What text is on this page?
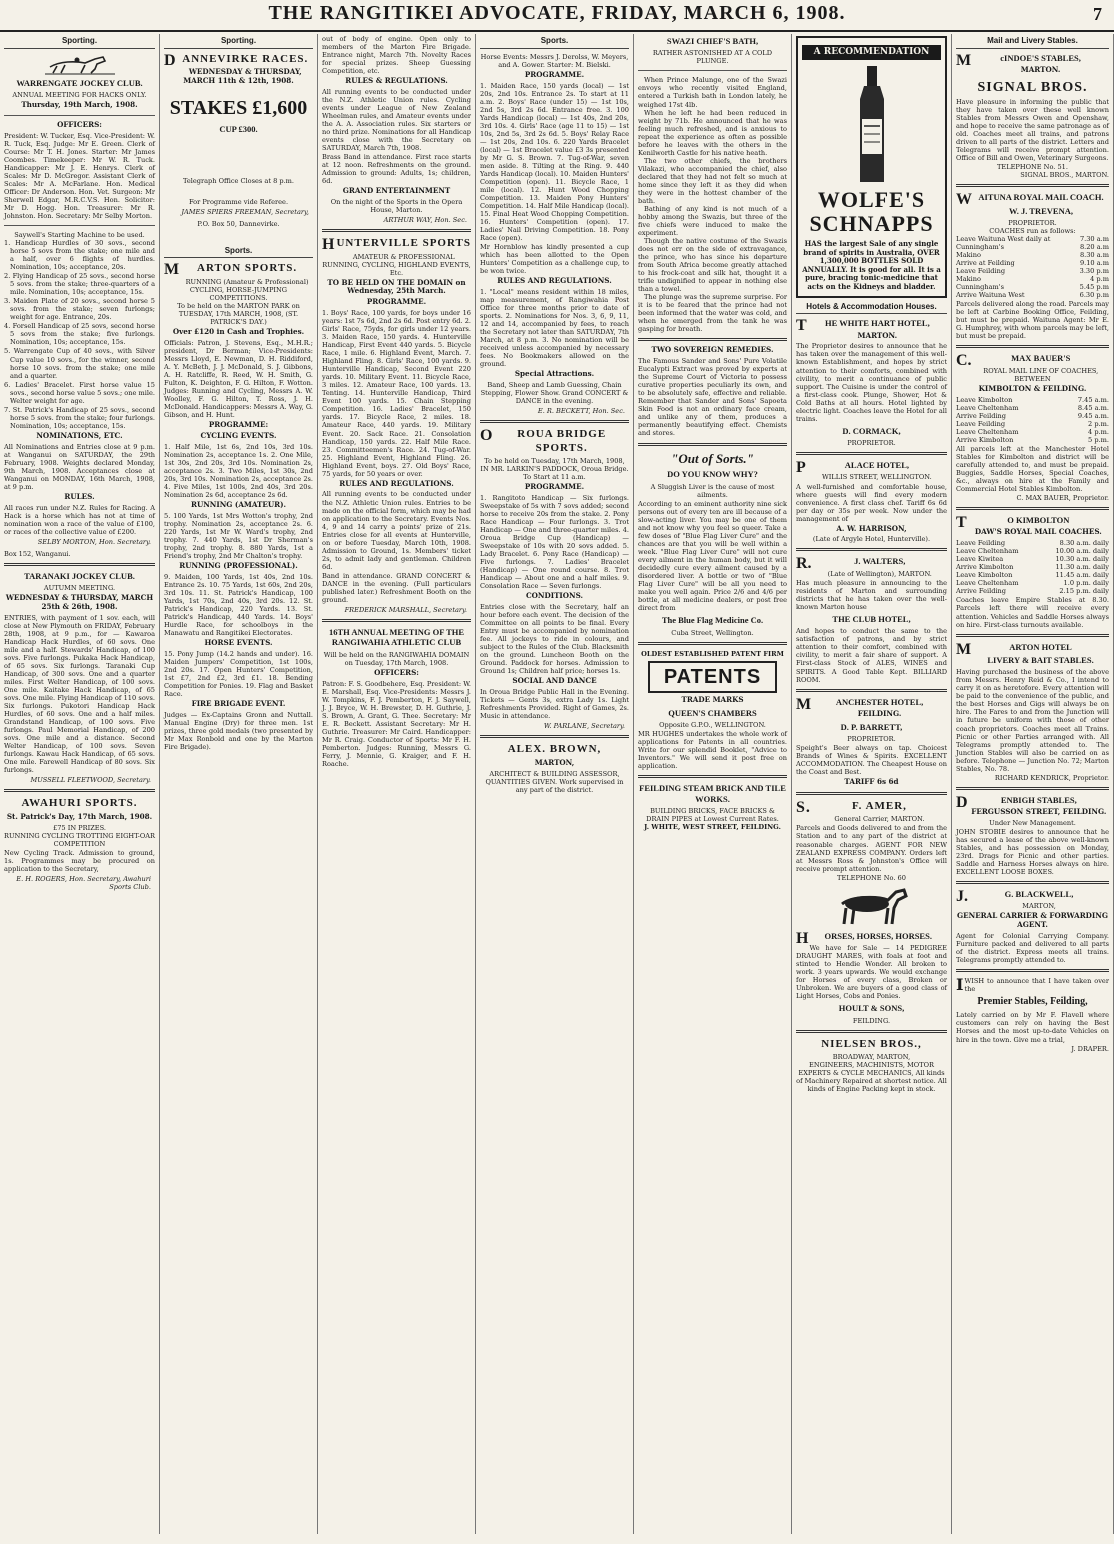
THE RANGITIKEI ADVOCATE, FRIDAY, MARCH 6, 1908.	7
Sporting.
WARRENGATE JOCKEY CLUB.
ANNUAL MEETING FOR HACKS ONLY.
Thursday, 19th March, 1908.
OFFICERS:
President: W. Tucker, Esq. Vice-President: W. R. Tuck, Esq. Judge: Mr E. Green. Clerk of Course: Mr T. H. Jones. Starter: Mr James Coombes. Timekeeper: Mr W. R. Tuck. Handicapper: Mr J. E. Henrys. Clerk of Scales: Mr D. McGregor. Assistant Clerk of Scales: Mr A. McFarlane. Hon. Medical Officer: Dr Anderson. Hon. Vet. Surgeon: Mr Sherwell Edgar, M.R.C.V.S. Hon. Solicitor: Mr D. Hogg. Hon. Treasurer: Mr R. Johnston. Hon. Secretary: Mr Selby Morton.
Saywell's Starting Machine to be used.

1. Handicap Hurdles of 30 sovs., second horse 5 sovs from the stake; one mile and a half, over 6 flights of hurdles. Nomination, 10s; acceptance, 20s.

2. Flying Handicap of 25 sovs., second horse 5 sovs. from the stake; three-quarters of a mile. Nomination, 10s; acceptance, 15s.

3. Maiden Plate of 20 sovs., second horse 5 sovs. from the stake; seven furlongs; weight for age. Entrance, 20s.

4. Forsell Handicap of 25 sovs, second horse 5 sovs from the stake; five furlongs. Nomination, 10s; acceptance, 15s.

5. Warrengate Cup of 40 sovs., with Silver Cup value 10 sovs., for the winner, second horse 10 sovs. from the stake; one mile and a quarter.

6. Ladies' Bracelet. First horse value 15 sovs., second horse value 5 sovs.; one mile. Welter weight for age.

7. St. Patrick's Handicap of 25 sovs., second horse 5 sovs. from the stake; four furlongs. Nomination, 10s; acceptance, 15s.

NOMINATIONS, ETC.
All Nominations and Entries close at 9 p.m. at Wanganui on SATURDAY, the 29th February, 1908. Weights declared Monday, 9th March, 1908. Acceptances close at Wanganui on MONDAY, 16th March, 1908, at 9 p.m.
RULES.
All races run under N.Z. Rules for Racing. A Hack is a horse which has not at time of nomination won a race of the value of £100, or races of the collective value of £200.
SELBY MORTON, Hon. Secretary.
Box 152, Wanganui.
TARANAKI JOCKEY CLUB.
AUTUMN MEETING.
WEDNESDAY & THURSDAY, MARCH 25th & 26th, 1908.
ENTRIES, with payment of 1 sov. each, will close at New Plymouth on FRIDAY, February 28th, 1908, at 9 p.m., for — Kawaroa Handicap Hack Hurdles, of 60 sovs. One mile and a half. Stewards' Handicap, of 100 sovs. Five furlongs. Pukaka Hack Handicap, of 65 sovs. Six furlongs. Taranaki Cup Handicap, of 300 sovs. One and a quarter miles. First Welter Handicap, of 100 sovs. One mile. Kaitake Hack Handicap, of 65 sovs. One mile. Flying Handicap of 110 sovs. Six furlongs. Pukotori Handicap Hack Hurdles, of 60 sovs. One and a half miles. Grandstand Handicap, of 100 sovs. Five furlongs. Paul Memorial Handicap, of 200 sovs. One mile and a distance. Second Welter Handicap, of 100 sovs. Seven furlongs. Kawau Hack Handicap, of 65 sovs. One mile. Farewell Handicap of 80 sovs. Six furlongs.
MUSSELL FLEETWOOD, Secretary.
AWAHURI SPORTS.
St. Patrick's Day, 17th March, 1908.
£75 IN PRIZES.
RUNNING CYCLING TROTTING EIGHT-OAR COMPETITION
New Cycling Track. Admission to ground, 1s. Programmes may be procured on application to the Secretary,
E. H. ROGERS, Hon. Secretary, Awahuri Sports Club.
Sporting.
DANNEVIRKE RACES.
WEDNESDAY & THURSDAY, MARCH 11th & 12th, 1908.
STAKES £1,600
CUP £300.
Telegraph Office Closes at 8 p.m.
For Programme vide Referee.
JAMES SPIERS FREEMAN, Secretary,
P.O. Box 50, Dannevirke.
Sports.
MARTON SPORTS.
RUNNING (Amateur & Professional) CYCLING, HORSE-JUMPING COMPETITIONS.
To be held on the MARTON PARK on TUESDAY, 17th MARCH, 1908, (ST. PATRICK'S DAY.)
Over £120 in Cash and Trophies.
Officials: Patron, J. Stevens, Esq., M.H.R.; president, Dr Berman; Vice-Presidents: Messrs Lloyd, E. Newman, D. H. Riddiford, A. Y. McBeth, J. J. McDonald, S. J. Gibbons, A. H. Ratcliffe, R. Reed, W. H. Smith, G. Fulton, K. Deighton, F. G. Hilton, F. Wotton. Judges: Running and Cycling, Messrs A. W. Woolley, F. G. Hilton, T. Ross, J. H. McDonald. Handicappers: Messrs A. Way, G. Gibson, and H. Hunt.
PROGRAMME:
CYCLING EVENTS.
1. Half Mile, 1st 6s, 2nd 10s, 3rd 10s. Nomination 2s, acceptance 1s. 2. One Mile, 1st 30s, 2nd 20s, 3rd 10s. Nomination 2s, acceptance 2s. 3. Two Miles, 1st 30s, 2nd 20s, 3rd 10s. Nomination 2s, acceptance 2s. 4. Five Miles, 1st 100s, 2nd 40s, 3rd 20s. Nomination 2s 6d, acceptance 2s 6d.
RUNNING (AMATEUR).
5. 100 Yards, 1st Mrs Wotton's trophy, 2nd trophy. Nomination 2s, acceptance 2s. 6. 220 Yards, 1st Mr W. Ward's trophy, 2nd trophy. 7. 440 Yards, 1st Dr Sherman's trophy, 2nd trophy. 8. 880 Yards, 1st a Friend's trophy, 2nd Mr Chalton's trophy.
RUNNING (PROFESSIONAL).
9. Maiden, 100 Yards, 1st 40s, 2nd 10s. Entrance 2s. 10. 75 Yards, 1st 60s, 2nd 20s, 3rd 10s. 11. St. Patrick's Handicap, 100 Yards, 1st 70s, 2nd 40s, 3rd 20s. 12. St. Patrick's Handicap, 220 Yards. 13. St. Patrick's Handicap, 440 Yards. 14. Boys' Hurdle Race, for schoolboys in the Manawatu and Rangitikei Electorates.
HORSE EVENTS.
15. Pony Jump (14.2 hands and under). 16. Maiden Jumpers' Competition, 1st 100s, 2nd 20s. 17. Open Hunters' Competition, 1st £7, 2nd £2, 3rd £1. 18. Bending Competition for Ponies. 19. Flag and Basket Race.
FIRE BRIGADE EVENT.
Judges — Ex-Captains Gronn and Nuttall. Manual Engine (Dry) for three men. 1st prizes, three gold medals (two presented by Mr Max Ronbold and one by the Marton Fire Brigade).
out of body of engine. Open only to members of the Marton Fire Brigade. Entrance night, March 7th. Novelty Races for special prizes. Sheep Guessing Competition, etc.
RULES & REGULATIONS.
All running events to be conducted under the N.Z. Athletic Union rules. Cycling events under League of New Zealand Wheelman rules, and Amateur events under the A. A. Association rules. Six starters or no third prize. Nominations for all Handicap events close with the Secretary on SATURDAY, March 7th, 1908.
Brass Band in attendance. First race starts at 12 noon. Refreshments on the ground. Admission to ground: Adults, 1s; children, 6d.
GRAND ENTERTAINMENT
On the night of the Sports in the Opera House, Marton.
ARTHUR WAY, Hon. Sec.
HUNTERVILLE SPORTS
AMATEUR & PROFESSIONAL RUNNING, CYCLING, HIGHLAND EVENTS, Etc.
TO BE HELD ON THE DOMAIN on Wednesday, 25th March.
PROGRAMME.
1. Boys' Race, 100 yards, for boys under 16 years: 1st 7s 6d, 2nd 2s 6d. Post entry 6d. 2. Girls' Race, 75yds, for girls under 12 years. 3. Maiden Race, 150 yards. 4. Hunterville Handicap, First Event 440 yards. 5. Bicycle Race, 1 mile. 6. Highland Event, March. 7. Highland Fling. 8. Girls' Race, 100 yards. 9. Hunterville Handicap, Second Event 220 yards. 10. Military Event. 11. Bicycle Race, 3 miles. 12. Amateur Race, 100 yards. 13. Tenting. 14. Hunterville Handicap, Third Event 100 yards. 15. Chain Stepping Competition. 16. Ladies' Bracelet, 150 yards. 17. Bicycle Race, 2 miles. 18. Amateur Race, 440 yards. 19. Military Event. 20. Sack Race. 21. Consolation Handicap, 150 yards. 22. Half Mile Race. 23. Committeemen's Race. 24. Tug-of-War. 25. Highland Event, Highland Fling. 26. Highland Event, boys. 27. Old Boys' Race, 75 yards, for 50 years or over.
RULES AND REGULATIONS.
All running events to be conducted under the N.Z. Athletic Union rules. Entries to be made on the official form, which may be had on application to the Secretary. Events Nos. 4, 9 and 14 carry a points' prize of 21s. Entries close for all events at Hunterville, on or before Tuesday, March 10th, 1908. Admission to Ground, 1s. Members' ticket 2s, to admit lady and gentleman. Children 6d.
Band in attendance. GRAND CONCERT & DANCE in the evening. (Full particulars published later.) Refreshment Booth on the ground.
FREDERICK MARSHALL, Secretary.
16TH ANNUAL MEETING OF THE RANGIWAHIA ATHLETIC CLUB
Will be held on the RANGIWAHIA DOMAIN on Tuesday, 17th March, 1908.
OFFICERS:
Patron: F. S. Goodbehere, Esq. President: W. E. Marshall, Esq. Vice-Presidents: Messrs J. W. Tompkins, F. J. Pemberton, F. J. Saywell, J. J. Bryce, W. H. Brewster, D. H. Guthrie, J. S. Brown, A. Grant, G. Thee. Secretary: Mr E. R. Beckett. Assistant Secretary: Mr H. Guthrie. Treasurer: Mr Caird. Handicapper: Mr R. Craig. Conductor of Sports: Mr F. H. Pemberton. Judges: Running, Messrs G. Ferry, J. Mennie, G. Kraiger, and F. H. Roache.
Sports.
Horse Events: Messrs J. Derolss, W. Meyers, and A. Gower. Starter: M. Bielski.
PROGRAMME.
1. Maiden Race, 150 yards (local) — 1st 20s, 2nd 10s. Entrance 2s. To start at 11 a.m. 2. Boys' Race (under 15) — 1st 10s, 2nd 5s, 3rd 2s 6d. Entrance free. 3. 100 Yards Handicap (local) — 1st 40s, 2nd 20s, 3rd 10s. 4. Girls' Race (age 11 to 15) — 1st 10s, 2nd 5s, 3rd 2s 6d. 5. Boys' Relay Race — 1st 20s, 2nd 10s. 6. 220 Yards Bracelet (local) — 1st Bracelet value £3 3s presented by Mr G. S. Brown. 7. Tug-of-War, seven men aside. 8. Tilting at the Ring. 9. 440 Yards Handicap (local). 10. Maiden Hunters' Competition (open). 11. Bicycle Race, 1 mile (local). 12. Hunt Wood Chopping Competition. 13. Maiden Pony Hunters' Competition. 14. Half Mile Handicap (local). 15. Final Heat Wood Chopping Competition. 16. Hunters' Competition (open). 17. Ladies' Nail Driving Competition. 18. Pony Race (open).
Mr Hornblow has kindly presented a cup which has been allotted to the Open Hunters' Competition as a challenge cup, to be won twice.
RULES AND REGULATIONS.
1. "Local" means resident within 18 miles, map measurement, of Rangiwahia Post Office for three months prior to date of sports. 2. Nominations for Nos. 3, 6, 9, 11, 12 and 14, accompanied by fees, to reach the Secretary not later than SATURDAY, 7th March, at 8 p.m. 3. No nomination will be received unless accompanied by necessary fees. No Bookmakers allowed on the ground.
Special Attractions.
Band, Sheep and Lamb Guessing, Chain Stepping, Flower Show. Grand CONCERT & DANCE in the evening.
E. R. BECKETT, Hon. Sec.
OROUA BRIDGE SPORTS.
To be held on Tuesday, 17th March, 1908, IN MR. LARKIN'S PADDOCK, Oroua Bridge. To Start at 11 a.m.
PROGRAMME.
1. Rangitoto Handicap — Six furlongs. Sweepstake of 5s with 7 sovs added; second horse to receive 20s from the stake. 2. Pony Race Handicap — Four furlongs. 3. Trot Handicap — One and three-quarter miles. 4. Oroua Bridge Cup (Handicap) — Sweepstake of 10s with 20 sovs added. 5. Lady Bracelet. 6. Pony Race (Handicap) — Five furlongs. 7. Ladies' Bracelet (Handicap) — One round course. 8. Trot Handicap — About one and a half miles. 9. Consolation Race — Seven furlongs.
CONDITIONS.
Entries close with the Secretary, half an hour before each event. The decision of the Committee on all points to be final. Every Entry must be accompanied by nomination fee. All jockeys to ride in colours, and subject to the Rules of the Club. Blacksmith on the ground. Luncheon Booth on the Ground. Paddock for horses. Admission to Ground 1s; Children half price; horses 1s.
SOCIAL AND DANCE
In Oroua Bridge Public Hall in the Evening. Tickets — Gents 3s, extra Lady 1s. Light Refreshments Provided. Right of Games, 2s. Music in attendance.
W. PARLANE, Secretary.
ALEX. BROWN,
MARTON,
ARCHITECT & BUILDING ASSESSOR, QUANTITIES GIVEN. Work supervised in any part of the district.
SWAZI CHIEF'S BATH,
RATHER ASTONISHED AT A COLD PLUNGE.

When Prince Malunge, one of the Swazi envoys who recently visited England, entered a Turkish bath in London lately, he weighed 17st 4lb.

When he left he had been reduced in weight by 71b. He announced that he was feeling much refreshed, and is anxious to repeat the experience as often as possible before he leaves with the others in the Kenilworth Castle for his native heath.

The two other chiefs, the brothers Vilakazi, who accompanied the chief, also declared that they had not felt so much at home since they left it as they did when they were in the hottest chamber of the bath.

Bathing of any kind is not much of a hobby among the Swazis, but three of the five chiefs were induced to make the experiment.

Though the native costume of the Swazis does not err on the side of extravagance, the prince, who has since his departure from South Africa become greatly attached to his frock-coat and silk hat, thought it a trifle undignified to appear in nothing else than a towel.

The plunge was the supreme surprise. For it is to be feared that the prince had not been informed that the water was cold, and when he emerged from the tank he was gasping for breath.

TWO SOVEREIGN REMEDIES.
The Famous Sander and Sons' Pure Volatile Eucalypti Extract was proved by experts at the Supreme Court of Victoria to possess curative properties peculiarly its own, and to be absolutely safe, effective and reliable. Remember that Sander and Sons' Sapoeta Skin Food is not an ordinary face cream, and unlike any of them, produces a permanently beautifying effect. Chemists and stores.
"Out of Sorts."
DO YOU KNOW WHY?
A Sluggish Liver is the cause of most ailments.
According to an eminent authority nine sick persons out of every ten are ill because of a slow-acting liver. You may be one of them and not know why you feel so queer. Take a few doses of "Blue Flag Liver Cure" and the chances are that you will be well within a week. "Blue Flag Liver Cure" will not cure every ailment in the human body, but it will decidedly cure every ailment caused by a disordered liver. A bottle or two of "Blue Flag Liver Cure" will be all you need to make you well again. Price 2/6 and 4/6 per bottle, at all medicine dealers, or post free direct from
The Blue Flag Medicine Co.
Cuba Street, Wellington.
OLDEST ESTABLISHED PATENT FIRM
PATENTS
TRADE MARKS
QUEEN'S CHAMBERS
Opposite G.P.O., WELLINGTON.
MR HUGHES undertakes the whole work of applications for Patents in all countries. Write for our splendid Booklet, "Advice to Inventors." We will send it post free on application.
FEILDING STEAM BRICK AND TILE WORKS.
BUILDING BRICKS, FACE BRICKS & DRAIN PIPES at Lowest Current Rates.
J. WHITE, WEST STREET, FEILDING.
A RECOMMENDATION
WOLFE'S SCHNAPPS
HAS the largest Sale of any single brand of spirits in Australia, OVER 1,300,000 BOTTLES SOLD ANNUALLY. It is good for all. It is a pure, bracing tonic-medicine that acts on the Kidneys and bladder.
Hotels & Accommodation Houses.
THE WHITE HART HOTEL,
MARTON.
The Proprietor desires to announce that he has taken over the management of this well-known Establishment, and hopes by strict attention to their comforts, combined with civility, to merit a continuance of public support. The Cuisine is under the control of a first-class cook. Plunge, Shower, Hot & Cold Baths at all hours. Hotel lighted by electric light. Coaches leave the Hotel for all trains.
D. CORMACK,
PROPRIETOR.
PALACE HOTEL,
WILLIS STREET, WELLINGTON.
A well-furnished and comfortable house, where guests will find every modern convenience. A first class chef. Tariff 6s 6d per day or 35s per week. Now under the management of
A. W. HARRISON,
(Late of Argyle Hotel, Hunterville).
R.J. WALTERS,
(Late of Wellington), MARTON.
Has much pleasure in announcing to the residents of Marton and surrounding districts that he has taken over the well-known Marton house
THE CLUB HOTEL,
And hopes to conduct the same to the satisfaction of patrons, and by strict attention to their comfort, combined with civility, to merit a fair share of support. A First-class Stock of ALES, WINES and SPIRITS. A Good Table Kept. BILLIARD ROOM.
MANCHESTER HOTEL,
FEILDING.
D. P. BARRETT,
PROPRIETOR.
Speight's Beer always on tap. Choicest Brands of Wines & Spirits. EXCELLENT ACCOMMODATION. The Cheapest House on the Coast and Best.
TARIFF 6s 6d
S.F. AMER,
General Carrier, MARTON.
Parcels and Goods delivered to and from the Station and to any part of the district at reasonable charges. AGENT FOR NEW ZEALAND EXPRESS COMPANY. Orders left at Messrs Ross & Johnston's Office will receive prompt attention.
TELEPHONE No. 60
HORSES, HORSES, HORSES.
We have for Sale — 14 PEDIGREE DRAUGHT MARES, with foals at foot and stinted to Hendie Wonder. All broken to work. 3 years upwards. We would exchange for Horses of every class, Broken or Unbroken. We are buyers of a good class of Light Horses, Cobs and Ponies.
HOULT & SONS,
FEILDING.
NIELSEN BROS.,
BROADWAY, MARTON,
ENGINEERS, MACHINISTS, MOTOR EXPERTS & CYCLE MECHANICS, All kinds of Machinery Repaired at shortest notice. All kinds of Engine Packing kept in stock.
Mail and Livery Stables.
McINDOE'S STABLES,
MARTON.
SIGNAL BROS.
Have pleasure in informing the public that they have taken over these well known Stables from Messrs Owen and Openshaw, and hope to receive the same patronage as of old. Coaches meet all trains, and patrons driven to all parts of the district. Letters and Telegrams will receive prompt attention. Office of Bill and Owen, Veterinary Surgeons.
TELEPHONE No. 51.
SIGNAL BROS., MARTON.
WAITUNA ROYAL MAIL COACH.
W. J. TREVENA,
PROPRIETOR.
COACHES run as follows:
Leave Waituna West daily at	7.30 a.m
Cunningham's	8.20 a.m
Makino	8.30 a.m
Arrive at Feilding	9.10 a.m
Leave Feilding	3.30 p.m
Makino	4 p.m
Cunningham's	5.45 p.m
Arrive Waituna West	6.30 p.m
Parcels delivered along the road. Parcels may be left at Carbine Booking Office, Feilding, but must be prepaid. Waituna Agent: Mr E. G. Humphrey, with whom parcels may be left, but must be prepaid.
C.MAX BAUER'S
ROYAL MAIL LINE OF COACHES,
BETWEEN
KIMBOLTON & FEILDING.
Leave Kimbolton	7.45 a.m.
Leave Cheltenham	8.45 a.m.
Arrive Feilding	9.45 a.m.
Leave Feilding	2 p.m.
Leave Cheltenham	4 p.m.
Arrive Kimbolton	5 p.m.
All parcels left at the Manchester Hotel Stables for Kimbolton and district will be carefully attended to, and must be prepaid. Buggies, Saddle Horses, Special Coaches, &c., always on hire at the Family and Commercial Hotel Stables Kimbolton.
C. MAX BAUER, Proprietor.
TO KIMBOLTON
DAW'S ROYAL MAIL COACHES.
Leave Feilding	8.30 a.m. daily
Leave Cheltenham	10.00 a.m. daily
Leave Kiwitea	10.30 a.m. daily
Arrive Kimbolton	11.30 a.m. daily
Leave Kimbolton	11.45 a.m. daily
Leave Cheltenham	1.0 p.m. daily
Arrive Feilding	2.15 p.m. daily
Coaches leave Empire Stables at 8.30. Parcels left there will receive every attention. Vehicles and Saddle Horses always on hire. First-class turnouts available.
MARTON HOTEL
LIVERY & BAIT STABLES.
Having purchased the business of the above from Messrs. Henry Reid & Co., I intend to carry it on as heretofore. Every attention will be paid to the convenience of the public, and the best Horses and Gigs will always be on hire. The Fares to and from the Junction will in future be uniform with those of other coach proprietors. Coaches meet all Trains. Picnic or other Parties arranged with. All Telegrams promptly attended to. The Junction Stables will also be carried on as before. Telephone — Junction No. 72; Marton Stables, No. 78.
RICHARD KENDRICK, Proprietor.
DENBIGH STABLES,
FERGUSSON STREET, FEILDING.
Under New Management.
JOHN STOBIE desires to announce that he has secured a lease of the above well-known Stables, and has possession on Monday, 23rd. Drags for Picnic and other parties. Saddle and Harness Horses always on hire. EXCELLENT LOOSE BOXES.
J.G. BLACKWELL,
MARTON,
GENERAL CARRIER & FORWARDING AGENT.
Agent for Colonial Carrying Company. Furniture packed and delivered to all parts of the district. Express meets all trains. Telegrams promptly attended to.
IWISH to announce that I have taken over the
Premier Stables, Feilding,
Lately carried on by Mr F. Flavell where customers can rely on having the Best Horses and the most up-to-date Vehicles on hire in the town. Give me a trial,
J. DRAPER.
